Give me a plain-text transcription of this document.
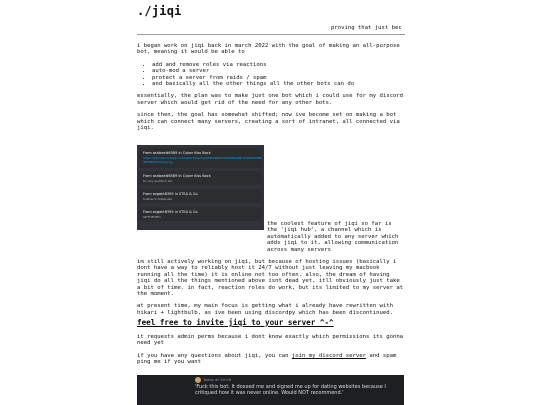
./jiqi
proving that just bec

i began work on jiqi back in march 2022 with the goal of making an all-purpose bot, meaning it would be able to

• add and remove roles via reactions
• auto-mod a server
• protect a server from raids / spam
• and basically all the other things all the other bots can do

essentially, the plan was to make just one bot which i could use for my discord server which would get rid of the need for any other bots.

since then, the goal has somewhat shifted; now ive become set on making a bot which can connect many servers, creating a sort of intranet, all connected via jiqi.

From ashbee#6589 in Cyber Kiss Back
https://cdn.discordapp.com/attachments/1095088167038984289/1098940388 4BF8RUVmcwq.png
From ashbee#6589 in Cyber Kiss Back
for any audition etc
From ezgaht6395 in STEA & Co
hushes in tidepoles
From ezgaht6395 in STEA & Co
GETTIFIXED

the coolest feature of jiqi so far is the 'jiqi hub', a channel which is automatically added to any server which adds jiqi to it, allowing communication across many servers

im still actively working on jiqi, but because of hosting issues (basically i dont have a way to reliably host it 24/7 without just leaving my macbook running all the time) it is online not too often. also, the dream of having jiqi do all the things mentioned above isnt dead yet, itll obviously just take a bit of time. in fact, reaction roles do work, but its limited to my server at the moment.

at present time, my main focus is getting what i already have rewritten with hikari + lightbulb, as ive been using discordpy which has been discontinued.

feel free to invite jiqi to your server ^-^

it requests admin perms because i dont know exactly which permissions its gonna need yet

if you have any questions about jiqi, you can join my discord server and spam ping me if you want

Today at 20:09
'Fuck this bot. It doxxed me and signed me up for dating websites because I critiqued how it was never online. Would NOT recommend.'
